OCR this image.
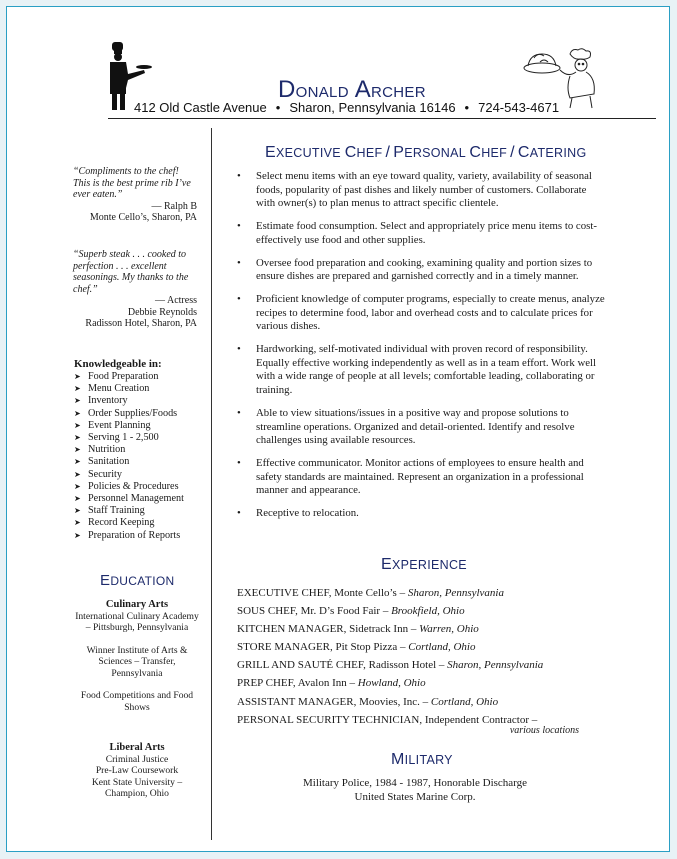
DONALD ARCHER
412 Old Castle Avenue • Sharon, Pennsylvania 16146 • 724-543-4671
“Compliments to the chef! This is the best prime rib I’ve ever eaten.”
— Ralph B
Monte Cello’s, Sharon, PA
“Superb steak . . . cooked to perfection . . . excellent seasonings. My thanks to the chef.”
— Actress
Debbie Reynolds
Radisson Hotel, Sharon, PA
Knowledgeable in:
➤ Food Preparation
➤ Menu Creation
➤ Inventory
➤ Order Supplies/Foods
➤ Event Planning
➤ Serving 1 - 2,500
➤ Nutrition
➤ Sanitation
➤ Security
➤ Policies & Procedures
➤ Personnel Management
➤ Staff Training
➤ Record Keeping
➤ Preparation of Reports
EDUCATION
Culinary Arts
International Culinary Academy – Pittsburgh, Pennsylvania
Winner Institute of Arts & Sciences – Transfer, Pennsylvania
Food Competitions and Food Shows
Liberal Arts
Criminal Justice
Pre-Law Coursework
Kent State University – Champion, Ohio
EXECUTIVE CHEF / PERSONAL CHEF / CATERING
• Select menu items with an eye toward quality, variety, availability of seasonal foods, popularity of past dishes and likely number of customers. Collaborate with owner(s) to plan menus to attract specific clientele.
• Estimate food consumption. Select and appropriately price menu items to cost-effectively use food and other supplies.
• Oversee food preparation and cooking, examining quality and portion sizes to ensure dishes are prepared and garnished correctly and in a timely manner.
• Proficient knowledge of computer programs, especially to create menus, analyze recipes to determine food, labor and overhead costs and to calculate prices for various dishes.
• Hardworking, self-motivated individual with proven record of responsibility. Equally effective working independently as well as in a team effort. Work well with a wide range of people at all levels; comfortable leading, collaborating or training.
• Able to view situations/issues in a positive way and propose solutions to streamline operations. Organized and detail-oriented. Identify and resolve challenges using available resources.
• Effective communicator. Monitor actions of employees to ensure health and safety standards are maintained. Represent an organization in a professional manner and appearance.
• Receptive to relocation.
EXPERIENCE
EXECUTIVE CHEF, Monte Cello’s – Sharon, Pennsylvania
SOUS CHEF, Mr. D’s Food Fair – Brookfield, Ohio
KITCHEN MANAGER, Sidetrack Inn – Warren, Ohio
STORE MANAGER, Pit Stop Pizza – Cortland, Ohio
GRILL AND SAUTÉ CHEF, Radisson Hotel – Sharon, Pennsylvania
PREP CHEF, Avalon Inn – Howland, Ohio
ASSISTANT MANAGER, Moovies, Inc. – Cortland, Ohio
PERSONAL SECURITY TECHNICIAN, Independent Contractor –
various locations
MILITARY
Military Police, 1984 - 1987, Honorable Discharge
United States Marine Corp.
